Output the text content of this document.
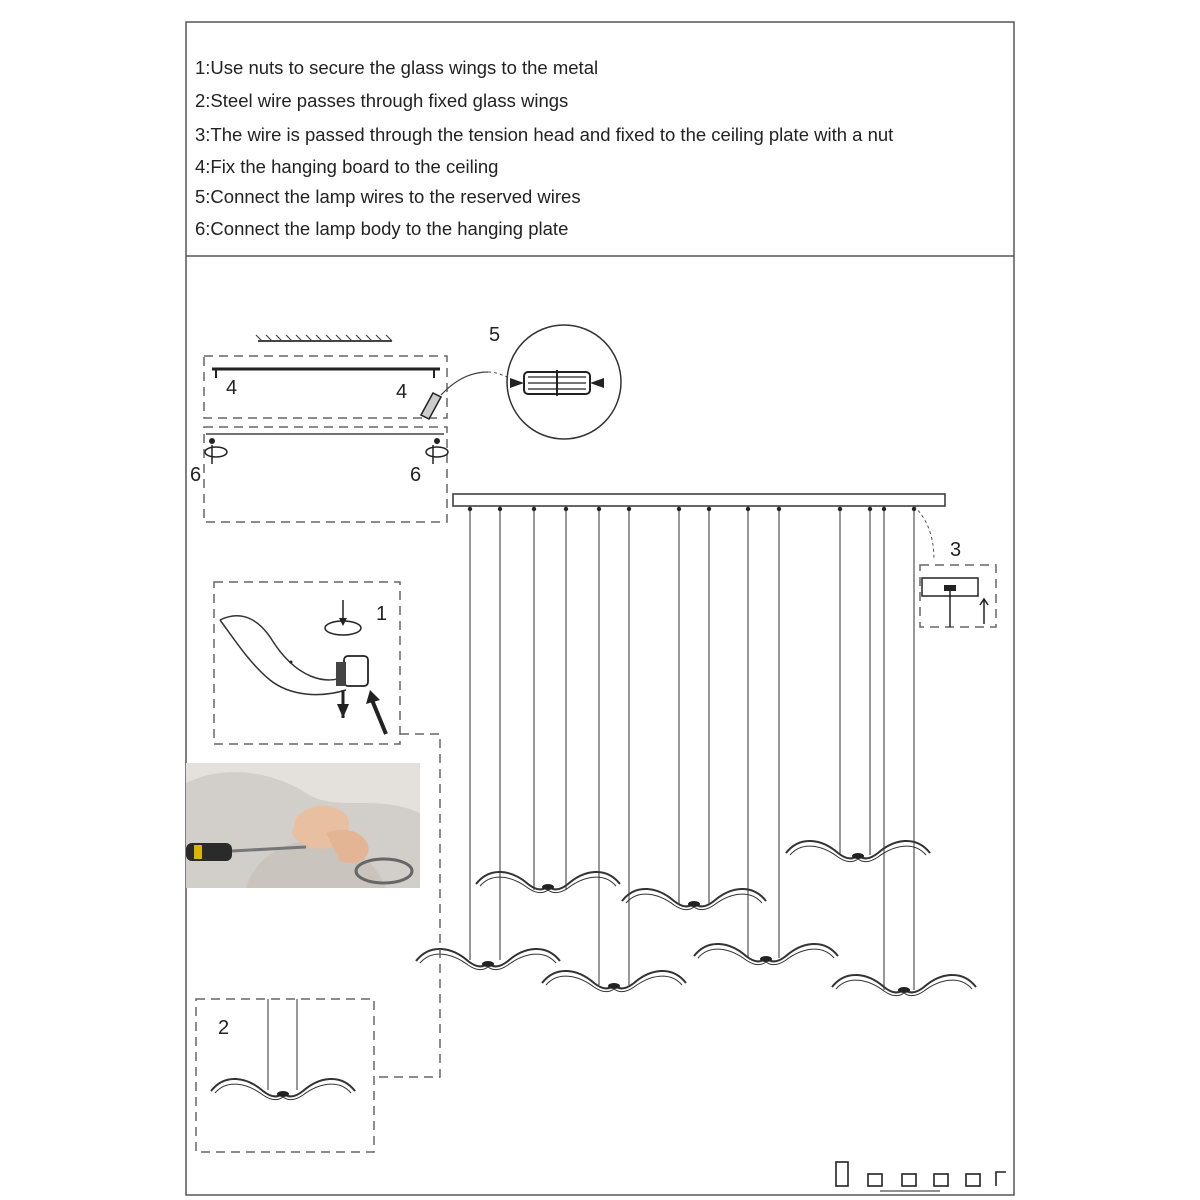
1:Use nuts to secure the glass wings to the metal
2:Steel wire passes through fixed glass wings
3:The wire is passed through the tension head and fixed to the ceiling plate with a nut
4:Fix the hanging board to the ceiling
5:Connect the lamp wires to the reserved wires
6:Connect the lamp body to the hanging plate
4	4
6	6
5
3
1
2
